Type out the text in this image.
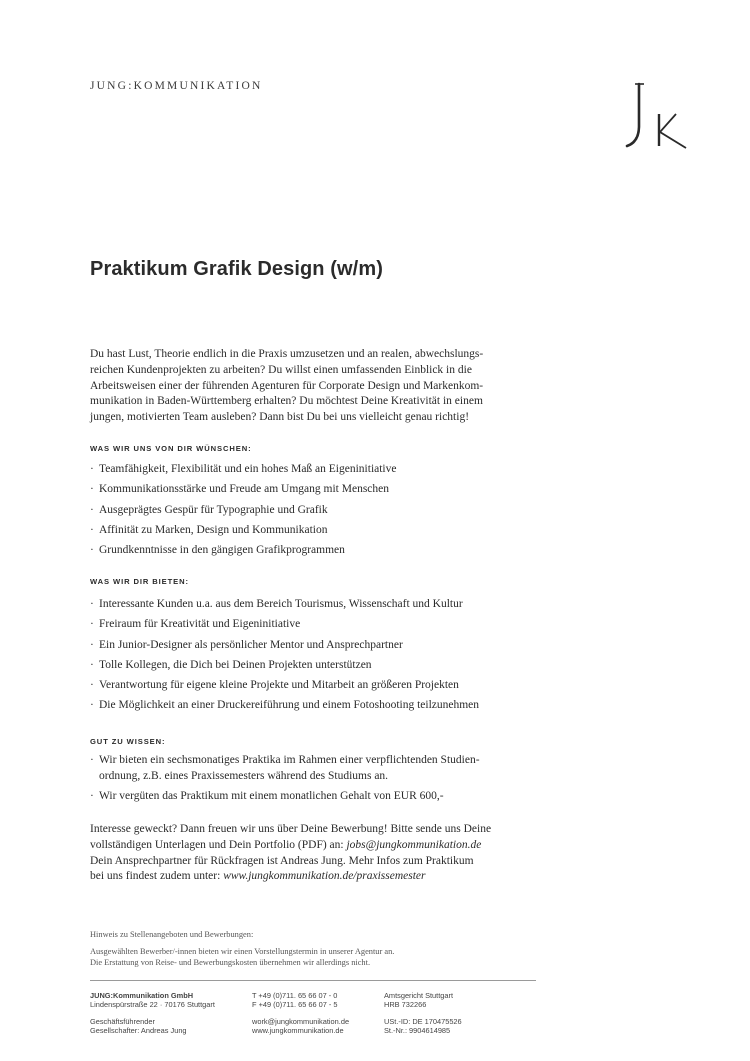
JUNG:KOMMUNIKATION
Praktikum Grafik Design (w/m)
Du hast Lust, Theorie endlich in die Praxis umzusetzen und an realen, abwechslungs-
reichen Kundenprojekten zu arbeiten? Du willst einen umfassenden Einblick in die
Arbeitsweisen einer der führenden Agenturen für Corporate Design und Markenkom-
munikation in Baden-Württemberg erhalten? Du möchtest Deine Kreativität in einem
jungen, motivierten Team ausleben? Dann bist Du bei uns vielleicht genau richtig!
WAS WIR UNS VON DIR WÜNSCHEN:
· Teamfähigkeit, Flexibilität und ein hohes Maß an Eigeninitiative
· Kommunikationsstärke und Freude am Umgang mit Menschen
· Ausgeprägtes Gespür für Typographie und Grafik
· Affinität zu Marken, Design und Kommunikation
· Grundkenntnisse in den gängigen Grafikprogrammen
WAS WIR DIR BIETEN:
· Interessante Kunden u.a. aus dem Bereich Tourismus, Wissenschaft und Kultur
· Freiraum für Kreativität und Eigeninitiative
· Ein Junior-Designer als persönlicher Mentor und Ansprechpartner
· Tolle Kollegen, die Dich bei Deinen Projekten unterstützen
· Verantwortung für eigene kleine Projekte und Mitarbeit an größeren Projekten
· Die Möglichkeit an einer Druckereiführung und einem Fotoshooting teilzunehmen
GUT ZU WISSEN:
· Wir bieten ein sechsmonatiges Praktika im Rahmen einer verpflichtenden Studien-
ordnung, z.B. eines Praxissemesters während des Studiums an.
· Wir vergüten das Praktikum mit einem monatlichen Gehalt von EUR 600,-
Interesse geweckt? Dann freuen wir uns über Deine Bewerbung! Bitte sende uns Deine
vollständigen Unterlagen und Dein Portfolio (PDF) an: jobs@jungkommunikation.de
Dein Ansprechpartner für Rückfragen ist Andreas Jung. Mehr Infos zum Praktikum
bei uns findest zudem unter: www.jungkommunikation.de/praxissemester
Hinweis zu Stellenangeboten und Bewerbungen:
Ausgewählten Bewerber/-innen bieten wir einen Vorstellungstermin in unserer Agentur an.
Die Erstattung von Reise- und Bewerbungskosten übernehmen wir allerdings nicht.
JUNG:Kommunikation GmbH
Lindenspürstraße 22 · 70176 Stuttgart
Geschäftsführender
Gesellschafter: Andreas Jung
T +49 (0)711. 65 66 07 - 0
F +49 (0)711. 65 66 07 - 5
work@jungkommunikation.de
www.jungkommunikation.de
Amtsgericht Stuttgart
HRB 732266
USt.-ID: DE 170475526
St.-Nr.: 9904614985
